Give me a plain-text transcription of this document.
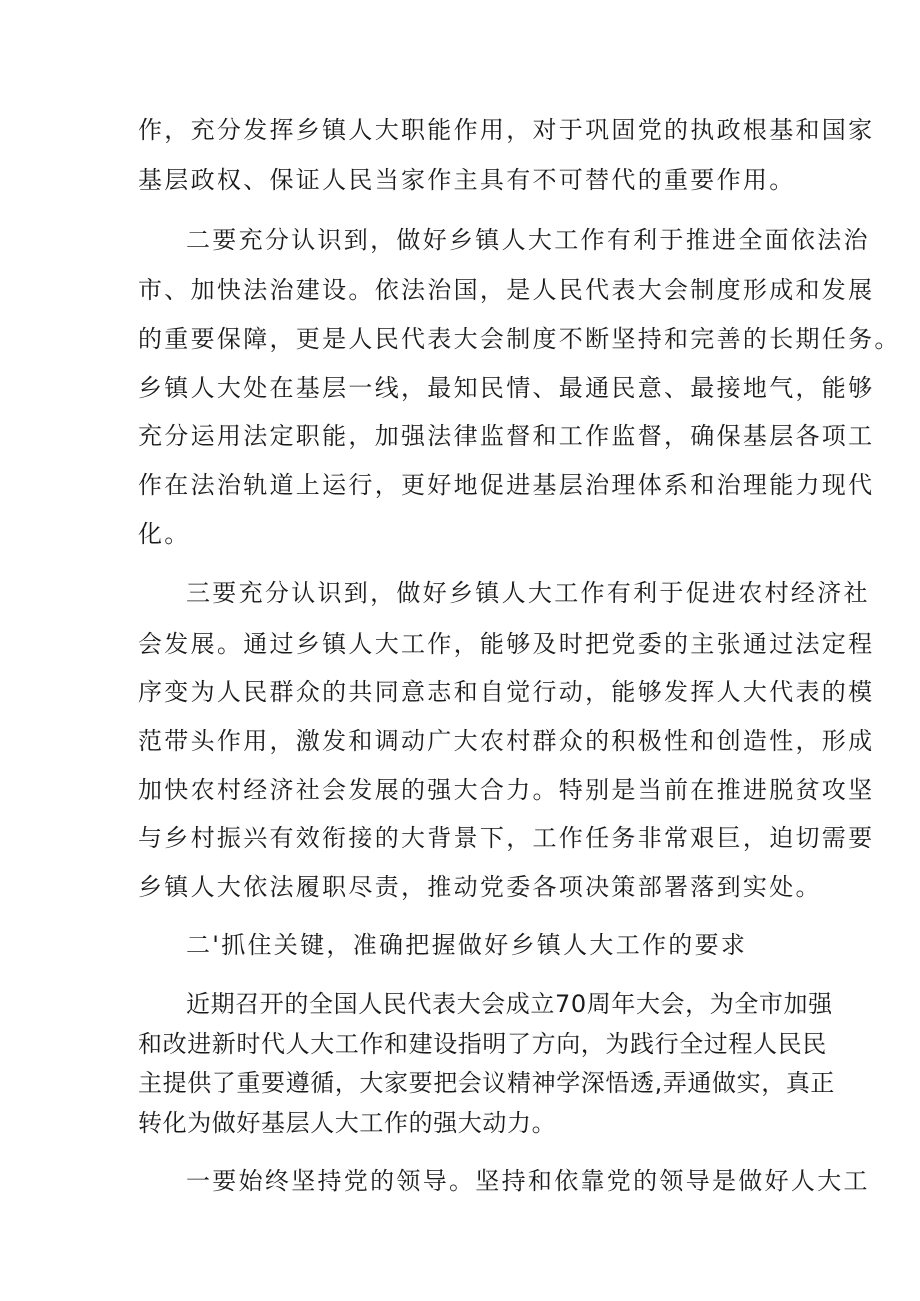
作，充分发挥乡镇人大职能作用，对于巩固党的执政根基和国家
基层政权、保证人民当家作主具有不可替代的重要作用。
二要充分认识到，做好乡镇人大工作有利于推进全面依法治
市、加快法治建设。依法治国，是人民代表大会制度形成和发展
的重要保障，更是人民代表大会制度不断坚持和完善的长期任务。
乡镇人大处在基层一线，最知民情、最通民意、最接地气，能够
充分运用法定职能，加强法律监督和工作监督，确保基层各项工
作在法治轨道上运行，更好地促进基层治理体系和治理能力现代
化。
三要充分认识到，做好乡镇人大工作有利于促进农村经济社
会发展。通过乡镇人大工作，能够及时把党委的主张通过法定程
序变为人民群众的共同意志和自觉行动，能够发挥人大代表的模
范带头作用，激发和调动广大农村群众的积极性和创造性，形成
加快农村经济社会发展的强大合力。特别是当前在推进脱贫攻坚
与乡村振兴有效衔接的大背景下，工作任务非常艰巨，迫切需要
乡镇人大依法履职尽责，推动党委各项决策部署落到实处。
二'抓住关键，准确把握做好乡镇人大工作的要求
近期召开的全国人民代表大会成立70周年大会，为全市加强
和改进新时代人大工作和建设指明了方向，为践行全过程人民民
主提供了重要遵循，大家要把会议精神学深悟透,弄通做实，真正
转化为做好基层人大工作的强大动力。
一要始终坚持党的领导。坚持和依靠党的领导是做好人大工
